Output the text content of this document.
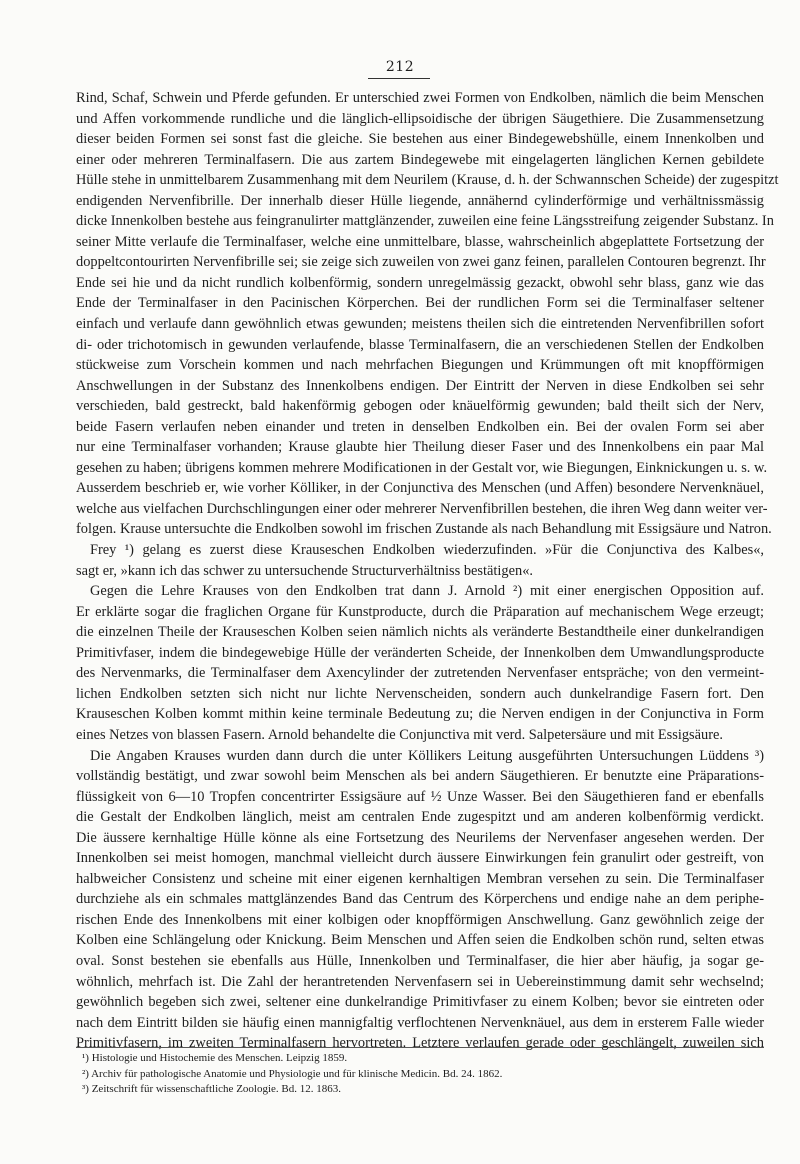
212
Rind, Schaf, Schwein und Pferde gefunden. Er unterschied zwei Formen von Endkolben, nämlich die beim Menschen
und Affen vorkommende rundliche und die länglich-ellipsoidische der übrigen Säugethiere. Die Zusammensetzung
dieser beiden Formen sei sonst fast die gleiche. Sie bestehen aus einer Bindegewebshülle, einem Innenkolben und
einer oder mehreren Terminalfasern. Die aus zartem Bindegewebe mit eingelagerten länglichen Kernen gebildete
Hülle stehe in unmittelbarem Zusammenhang mit dem Neurilem (Krause, d. h. der Schwannschen Scheide) der zugespitzt
endigenden Nervenfibrille. Der innerhalb dieser Hülle liegende, annähernd cylinderförmige und verhältnissmässig
dicke Innenkolben bestehe aus feingranulirter mattglänzender, zuweilen eine feine Längsstreifung zeigender Substanz. In
seiner Mitte verlaufe die Terminalfaser, welche eine unmittelbare, blasse, wahrscheinlich abgeplattete Fortsetzung der
doppeltcontourirten Nervenfibrille sei; sie zeige sich zuweilen von zwei ganz feinen, parallelen Contouren begrenzt. Ihr
Ende sei hie und da nicht rundlich kolbenförmig, sondern unregelmässig gezackt, obwohl sehr blass, ganz wie das
Ende der Terminalfaser in den Pacinischen Körperchen. Bei der rundlichen Form sei die Terminalfaser seltener
einfach und verlaufe dann gewöhnlich etwas gewunden; meistens theilen sich die eintretenden Nervenfibrillen sofort
di- oder trichotomisch in gewunden verlaufende, blasse Terminalfasern, die an verschiedenen Stellen der Endkolben
stückweise zum Vorschein kommen und nach mehrfachen Biegungen und Krümmungen oft mit knopfförmigen
Anschwellungen in der Substanz des Innenkolbens endigen. Der Eintritt der Nerven in diese Endkolben sei sehr
verschieden, bald gestreckt, bald hakenförmig gebogen oder knäuelförmig gewunden; bald theilt sich der Nerv,
beide Fasern verlaufen neben einander und treten in denselben Endkolben ein. Bei der ovalen Form sei aber
nur eine Terminalfaser vorhanden; Krause glaubte hier Theilung dieser Faser und des Innenkolbens ein paar Mal
gesehen zu haben; übrigens kommen mehrere Modificationen in der Gestalt vor, wie Biegungen, Einknickungen u. s. w.
Ausserdem beschrieb er, wie vorher Kölliker, in der Conjunctiva des Menschen (und Affen) besondere Nervenknäuel,
welche aus vielfachen Durchschlingungen einer oder mehrerer Nervenfibrillen bestehen, die ihren Weg dann weiter ver-
folgen. Krause untersuchte die Endkolben sowohl im frischen Zustande als nach Behandlung mit Essigsäure und Natron.
Frey ¹) gelang es zuerst diese Krauseschen Endkolben wiederzufinden. »Für die Conjunctiva des Kalbes«,
sagt er, »kann ich das schwer zu untersuchende Structurverhältniss bestätigen«.
Gegen die Lehre Krauses von den Endkolben trat dann J. Arnold ²) mit einer energischen Opposition auf.
Er erklärte sogar die fraglichen Organe für Kunstproducte, durch die Präparation auf mechanischem Wege erzeugt;
die einzelnen Theile der Krauseschen Kolben seien nämlich nichts als veränderte Bestandtheile einer dunkelrandigen
Primitivfaser, indem die bindegewebige Hülle der veränderten Scheide, der Innenkolben dem Umwandlungsproducte
des Nervenmarks, die Terminalfaser dem Axencylinder der zutretenden Nervenfaser entspräche; von den vermeint-
lichen Endkolben setzten sich nicht nur lichte Nervenscheiden, sondern auch dunkelrandige Fasern fort. Den
Krauseschen Kolben kommt mithin keine terminale Bedeutung zu; die Nerven endigen in der Conjunctiva in Form
eines Netzes von blassen Fasern. Arnold behandelte die Conjunctiva mit verd. Salpetersäure und mit Essigsäure.
Die Angaben Krauses wurden dann durch die unter Köllikers Leitung ausgeführten Untersuchungen Lüddens ³)
vollständig bestätigt, und zwar sowohl beim Menschen als bei andern Säugethieren. Er benutzte eine Präparations-
flüssigkeit von 6—10 Tropfen concentrirter Essigsäure auf ½ Unze Wasser. Bei den Säugethieren fand er ebenfalls
die Gestalt der Endkolben länglich, meist am centralen Ende zugespitzt und am anderen kolbenförmig verdickt.
Die äussere kernhaltige Hülle könne als eine Fortsetzung des Neurilems der Nervenfaser angesehen werden. Der
Innenkolben sei meist homogen, manchmal vielleicht durch äussere Einwirkungen fein granulirt oder gestreift, von
halbweicher Consistenz und scheine mit einer eigenen kernhaltigen Membran versehen zu sein. Die Terminalfaser
durchziehe als ein schmales mattglänzendes Band das Centrum des Körperchens und endige nahe an dem periphe-
rischen Ende des Innenkolbens mit einer kolbigen oder knopfförmigen Anschwellung. Ganz gewöhnlich zeige der
Kolben eine Schlängelung oder Knickung. Beim Menschen und Affen seien die Endkolben schön rund, selten etwas
oval. Sonst bestehen sie ebenfalls aus Hülle, Innenkolben und Terminalfaser, die hier aber häufig, ja sogar ge-
wöhnlich, mehrfach ist. Die Zahl der herantretenden Nervenfasern sei in Uebereinstimmung damit sehr wechselnd;
gewöhnlich begeben sich zwei, seltener eine dunkelrandige Primitivfaser zu einem Kolben; bevor sie eintreten oder
nach dem Eintritt bilden sie häufig einen mannigfaltig verflochtenen Nervenknäuel, aus dem in ersterem Falle wieder
Primitivfasern, im zweiten Terminalfasern hervortreten. Letztere verlaufen gerade oder geschlängelt, zuweilen sich
¹) Histologie und Histochemie des Menschen. Leipzig 1859.
²) Archiv für pathologische Anatomie und Physiologie und für klinische Medicin. Bd. 24. 1862.
³) Zeitschrift für wissenschaftliche Zoologie. Bd. 12. 1863.
